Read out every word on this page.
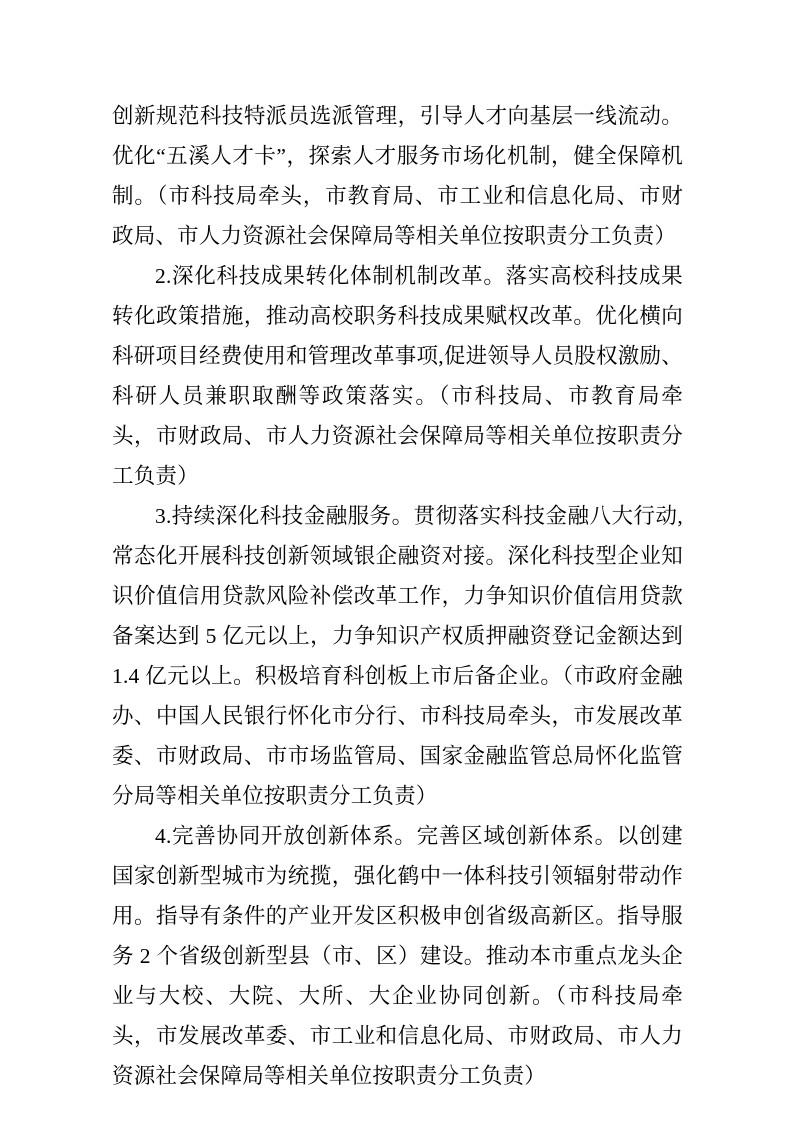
创新规范科技特派员选派管理，引导人才向基层一线流动。优化“五溪人才卡”，探索人才服务市场化机制，健全保障机制。（市科技局牵头，市教育局、市工业和信息化局、市财政局、市人力资源社会保障局等相关单位按职责分工负责）

2.深化科技成果转化体制机制改革。落实高校科技成果转化政策措施，推动高校职务科技成果赋权改革。优化横向科研项目经费使用和管理改革事项,促进领导人员股权激励、科研人员兼职取酬等政策落实。（市科技局、市教育局牵头，市财政局、市人力资源社会保障局等相关单位按职责分工负责）

3.持续深化科技金融服务。贯彻落实科技金融八大行动,常态化开展科技创新领域银企融资对接。深化科技型企业知识价值信用贷款风险补偿改革工作，力争知识价值信用贷款备案达到 5 亿元以上，力争知识产权质押融资登记金额达到 1.4 亿元以上。积极培育科创板上市后备企业。（市政府金融办、中国人民银行怀化市分行、市科技局牵头，市发展改革委、市财政局、市市场监管局、国家金融监管总局怀化监管分局等相关单位按职责分工负责）

4.完善协同开放创新体系。完善区域创新体系。以创建国家创新型城市为统揽，强化鹤中一体科技引领辐射带动作用。指导有条件的产业开发区积极申创省级高新区。指导服务 2 个省级创新型县（市、区）建设。推动本市重点龙头企业与大校、大院、大所、大企业协同创新。（市科技局牵头，市发展改革委、市工业和信息化局、市财政局、市人力资源社会保障局等相关单位按职责分工负责）
